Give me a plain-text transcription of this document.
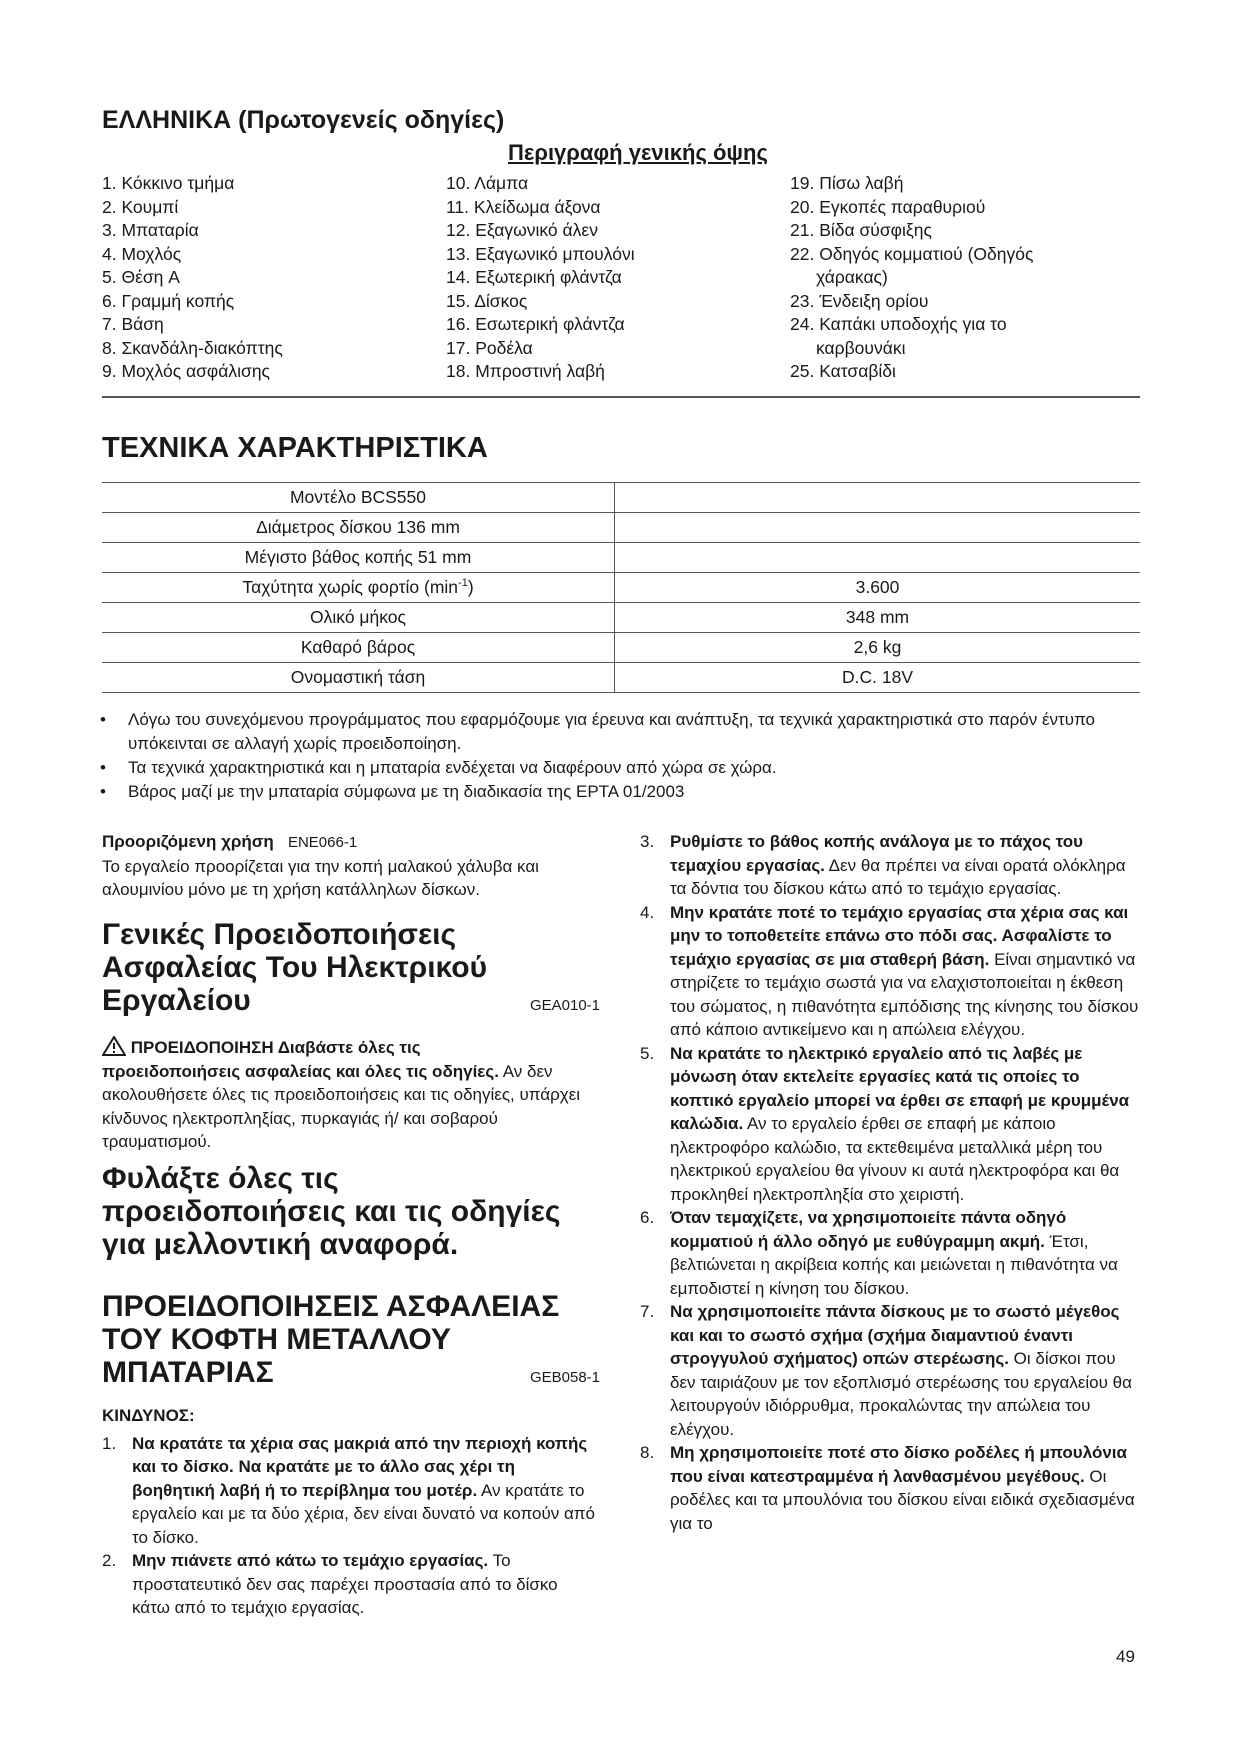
ΕΛΛΗΝΙΚΑ (Πρωτογενείς οδηγίες)
Περιγραφή γενικής όψης
1. Κόκκινο τμήμα
2. Κουμπί
3. Μπαταρία
4. Μοχλός
5. Θέση A
6. Γραμμή κοπής
7. Βάση
8. Σκανδάλη-διακόπτης
9. Μοχλός ασφάλισης
10. Λάμπα
11. Κλείδωμα άξονα
12. Εξαγωνικό άλεν
13. Εξαγωνικό μπουλόνι
14. Εξωτερική φλάντζα
15. Δίσκος
16. Εσωτερική φλάντζα
17. Ροδέλα
18. Μπροστινή λαβή
19. Πίσω λαβή
20. Εγκοπές παραθυριού
21. Βίδα σύσφιξης
22. Οδηγός κομματιού (Οδηγός
χάρακας)
23. Ένδειξη ορίου
24. Καπάκι υποδοχής για το
καρβουνάκι
25. Κατσαβίδι
ΤΕΧΝΙΚΑ ΧΑΡΑΚΤΗΡΙΣΤΙΚΑ
Μοντέλο BCS550	
Διάμετρος δίσκου 136 mm	
Μέγιστο βάθος κοπής 51 mm	
Ταχύτητα χωρίς φορτίο $(\min^{-1})$	3.600
Ολικό μήκος	348 mm
Καθαρό βάρος	2,6 kg
Ονομαστική τάση	D.C. 18V
•	Λόγω του συνεχόμενου προγράμματος που εφαρμόζουμε για έρευνα και ανάπτυξη, τα τεχνικά χαρακτηριστικά στο παρόν έντυπο υπόκεινται σε αλλαγή χωρίς προειδοποίηση.
•	Τα τεχνικά χαρακτηριστικά και η μπαταρία ενδέχεται να διαφέρουν από χώρα σε χώρα.
•	Βάρος μαζί με την μπαταρία σύμφωνα με τη διαδικασία της EPTA 01/2003
Προοριζόμενη χρήση ENE066-1
Το εργαλείο προορίζεται για την κοπή μαλακού χάλυβα και αλουμινίου μόνο με τη χρήση κατάλληλων δίσκων.
Γενικές Προειδοποιήσεις
Ασφαλείας Του Ηλεκτρικού
Εργαλείου	GEA010-1
ΠΡΟΕΙΔΟΠΟΙΗΣΗ Διαβάστε όλες τις
προειδοποιήσεις ασφαλείας και όλες τις οδηγίες. Αν δεν ακολουθήσετε όλες τις προειδοποιήσεις και τις οδηγίες, υπάρχει κίνδυνος ηλεκτροπληξίας, πυρκαγιάς ή/ και σοβαρού τραυματισμού.
Φυλάξτε όλες τις
προειδοποιήσεις και τις οδηγίες
για μελλοντική αναφορά.
ΠΡΟΕΙΔΟΠΟΙΗΣΕΙΣ ΑΣΦΑΛΕΙΑΣ
ΤΟΥ ΚΟΦΤΗ ΜΕΤΑΛΛΟΥ
ΜΠΑΤΑΡΙΑΣ	GEB058-1
ΚΙΝΔΥΝΟΣ:
1. Να κρατάτε τα χέρια σας μακριά από την περιοχή κοπής και το δίσκο. Να κρατάτε με το άλλο σας χέρι τη βοηθητική λαβή ή το περίβλημα του μοτέρ. Αν κρατάτε το εργαλείο και με τα δύο χέρια, δεν είναι δυνατό να κοπούν από το δίσκο.
2. Μην πιάνετε από κάτω το τεμάχιο εργασίας. Το προστατευτικό δεν σας παρέχει προστασία από το δίσκο κάτω από το τεμάχιο εργασίας.
3. Ρυθμίστε το βάθος κοπής ανάλογα με το πάχος του τεμαχίου εργασίας. Δεν θα πρέπει να είναι ορατά ολόκληρα τα δόντια του δίσκου κάτω από το τεμάχιο εργασίας.
4. Μην κρατάτε ποτέ το τεμάχιο εργασίας στα χέρια σας και μην το τοποθετείτε επάνω στο πόδι σας. Ασφαλίστε το τεμάχιο εργασίας σε μια σταθερή βάση. Είναι σημαντικό να στηρίζετε το τεμάχιο σωστά για να ελαχιστοποιείται η έκθεση του σώματος, η πιθανότητα εμπόδισης της κίνησης του δίσκου από κάποιο αντικείμενο και η απώλεια ελέγχου.
5. Να κρατάτε το ηλεκτρικό εργαλείο από τις λαβές με μόνωση όταν εκτελείτε εργασίες κατά τις οποίες το κοπτικό εργαλείο μπορεί να έρθει σε επαφή με κρυμμένα καλώδια. Αν το εργαλείο έρθει σε επαφή με κάποιο ηλεκτροφόρο καλώδιο, τα εκτεθειμένα μεταλλικά μέρη του ηλεκτρικού εργαλείου θα γίνουν κι αυτά ηλεκτροφόρα και θα προκληθεί ηλεκτροπληξία στο χειριστή.
6. Όταν τεμαχίζετε, να χρησιμοποιείτε πάντα οδηγό κομματιού ή άλλο οδηγό με ευθύγραμμη ακμή. Έτσι, βελτιώνεται η ακρίβεια κοπής και μειώνεται η πιθανότητα να εμποδιστεί η κίνηση του δίσκου.
7. Να χρησιμοποιείτε πάντα δίσκους με το σωστό μέγεθος και και το σωστό σχήμα (σχήμα διαμαντιού έναντι στρογγυλού σχήματος) οπών στερέωσης. Οι δίσκοι που δεν ταιριάζουν με τον εξοπλισμό στερέωσης του εργαλείου θα λειτουργούν ιδιόρρυθμα, προκαλώντας την απώλεια του ελέγχου.
8. Μη χρησιμοποιείτε ποτέ στο δίσκο ροδέλες ή μπουλόνια που είναι κατεστραμμένα ή λανθασμένου μεγέθους. Οι ροδέλες και τα μπουλόνια του δίσκου είναι ειδικά σχεδιασμένα για το
49
